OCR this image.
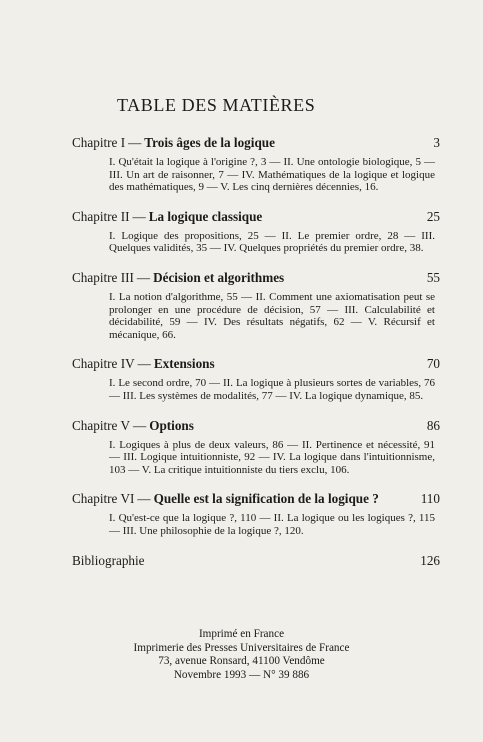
TABLE DES MATIÈRES
Chapitre I — Trois âges de la logique	3
I. Qu'était la logique à l'origine ?, 3 — II. Une ontologie biologique, 5 — III. Un art de raisonner, 7 — IV. Mathématiques de la logique et logique des mathématiques, 9 — V. Les cinq dernières décennies, 16.
Chapitre II — La logique classique	25
I. Logique des propositions, 25 — II. Le premier ordre, 28 — III. Quelques validités, 35 — IV. Quelques propriétés du premier ordre, 38.
Chapitre III — Décision et algorithmes	55
I. La notion d'algorithme, 55 — II. Comment une axiomatisation peut se prolonger en une procédure de décision, 57 — III. Calculabilité et décidabilité, 59 — IV. Des résultats négatifs, 62 — V. Récursif et mécanique, 66.
Chapitre IV — Extensions	70
I. Le second ordre, 70 — II. La logique à plusieurs sortes de variables, 76 — III. Les systèmes de modalités, 77 — IV. La logique dynamique, 85.
Chapitre V — Options	86
I. Logiques à plus de deux valeurs, 86 — II. Pertinence et nécessité, 91 — III. Logique intuitionniste, 92 — IV. La logique dans l'intuitionnisme, 103 — V. La critique intuitionniste du tiers exclu, 106.
Chapitre VI — Quelle est la signification de la logique ?	110
I. Qu'est-ce que la logique ?, 110 — II. La logique ou les logiques ?, 115 — III. Une philosophie de la logique ?, 120.
Bibliographie	126
Imprimé en France
Imprimerie des Presses Universitaires de France
73, avenue Ronsard, 41100 Vendôme
Novembre 1993 — N° 39 886
